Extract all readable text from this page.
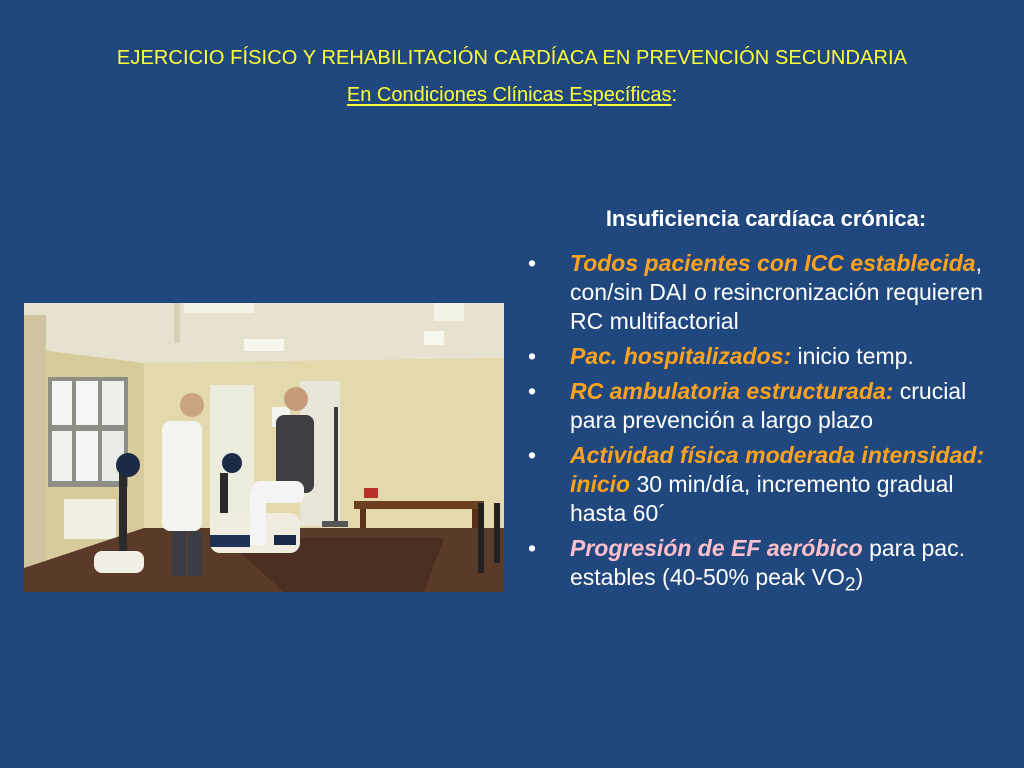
EJERCICIO FÍSICO Y REHABILITACIÓN CARDÍACA EN PREVENCIÓN SECUNDARIA
En Condiciones Clínicas Específicas:
Insuficiencia cardíaca crónica:
• Todos pacientes con ICC establecida, con/sin DAI o resincronización requieren RC multifactorial
• Pac. hospitalizados: inicio temp.
• RC ambulatoria estructurada: crucial para prevención a largo plazo
• Actividad física moderada intensidad: inicio 30 min/día, incremento gradual hasta 60´
• Progresión de EF aeróbico para pac. estables (40-50% peak $VO_2$)
